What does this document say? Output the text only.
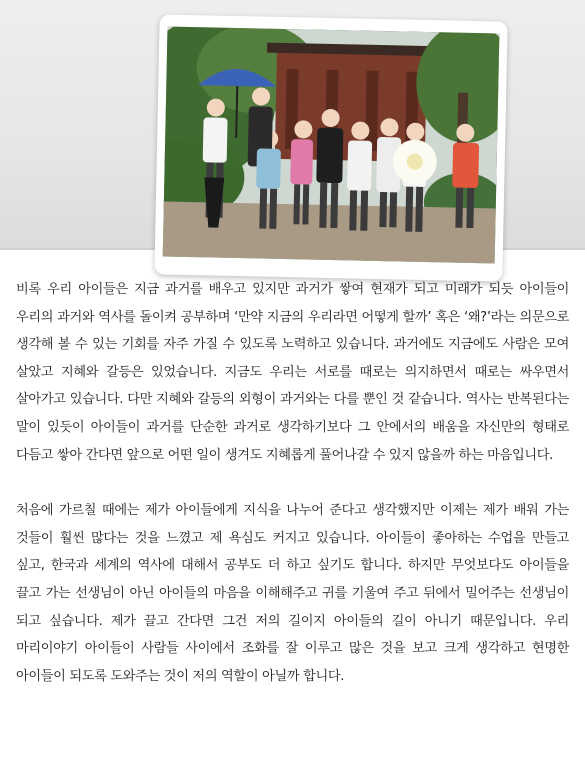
비록 우리 아이들은 지금 과거를 배우고 있지만 과거가 쌓여 현재가 되고 미래가 되듯 아이들이 우리의 과거와 역사를 돌이켜 공부하며 ‘만약 지금의 우리라면 어떻게 할까’ 혹은 ‘왜?’라는 의문으로 생각해 볼 수 있는 기회를 자주 가질 수 있도록 노력하고 있습니다. 과거에도 지금에도 사람은 모여 살았고 지혜와 갈등은 있었습니다. 지금도 우리는 서로를 때로는 의지하면서 때로는 싸우면서 살아가고 있습니다. 다만 지혜와 갈등의 외형이 과거와는 다를 뿐인 것 같습니다. 역사는 반복된다는 말이 있듯이 아이들이 과거를 단순한 과거로 생각하기보다 그 안에서의 배움을 자신만의 형태로 다듬고 쌓아 간다면 앞으로 어떤 일이 생겨도 지혜롭게 풀어나갈 수 있지 않을까 하는 마음입니다.

처음에 가르칠 때에는 제가 아이들에게 지식을 나누어 준다고 생각했지만 이제는 제가 배워 가는 것들이 훨씬 많다는 것을 느꼈고 제 욕심도 커지고 있습니다. 아이들이 좋아하는 수업을 만들고 싶고, 한국과 세계의 역사에 대해서 공부도 더 하고 싶기도 합니다. 하지만 무엇보다도 아이들을 끌고 가는 선생님이 아닌 아이들의 마음을 이해해주고 귀를 기울여 주고 뒤에서 밀어주는 선생님이 되고 싶습니다. 제가 끌고 간다면 그건 저의 길이지 아이들의 길이 아니기 때문입니다. 우리 마리이야기 아이들이 사람들 사이에서 조화를 잘 이루고 많은 것을 보고 크게 생각하고 현명한 아이들이 되도록 도와주는 것이 저의 역할이 아닐까 합니다.
